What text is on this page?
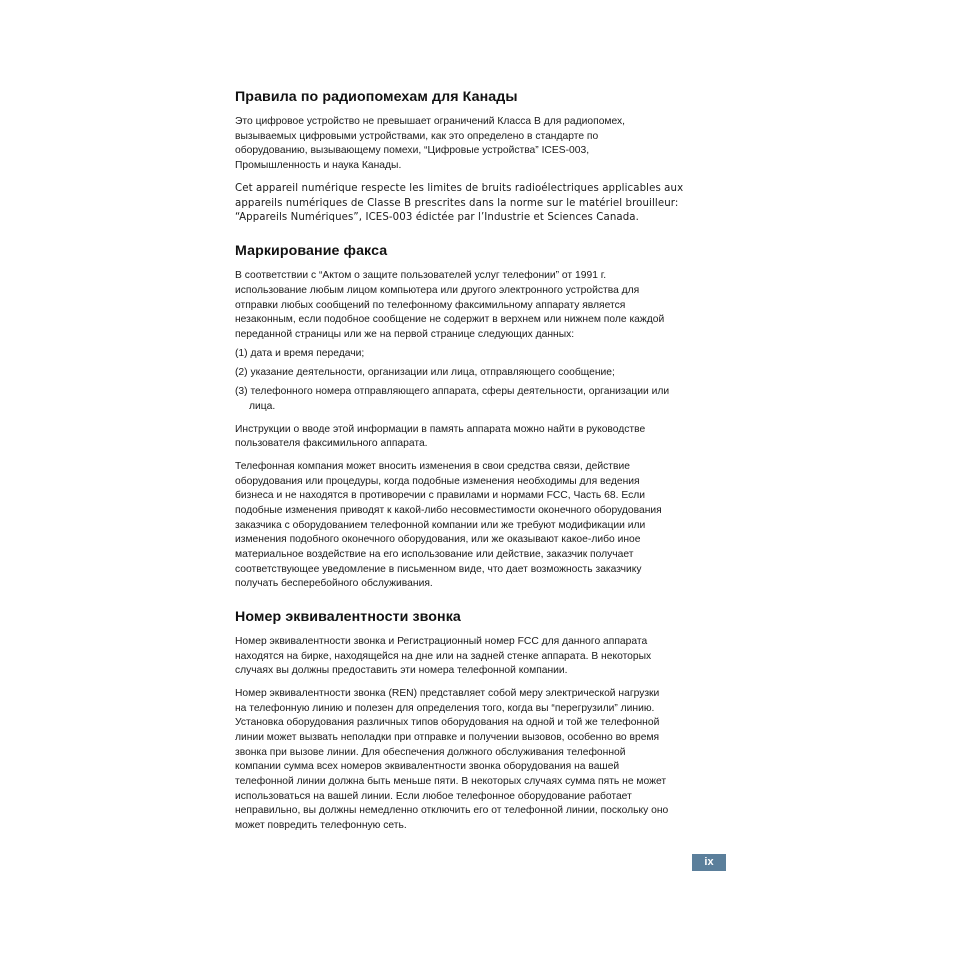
Правила по радиопомехам для Канады

Это цифровое устройство не превышает ограничений Класса B для радиопомех,
вызываемых цифровыми устройствами, как это определено в стандарте по
оборудованию, вызывающему помехи, “Цифровые устройства” ICES-003,
Промышленность и наука Канады.

Cet appareil numérique respecte les limites de bruits radioélectriques applicables aux
appareils numériques de Classe B prescrites dans la norme sur le matériel brouilleur:
“Appareils Numériques”, ICES-003 édictée par l’Industrie et Sciences Canada.

Маркирование факса

В соответствии с “Актом о защите пользователей услуг телефонии” от 1991 г.
использование любым лицом компьютера или другого электронного устройства для
отправки любых сообщений по телефонному факсимильному аппарату является
незаконным, если подобное сообщение не содержит в верхнем или нижнем поле каждой
переданной страницы или же на первой странице следующих данных:

(1) дата и время передачи;

(2) указание деятельности, организации или лица, отправляющего сообщение;

(3) телефонного номера отправляющего аппарата, сферы деятельности, организации или
лица.

Инструкции о вводе этой информации в память аппарата можно найти в руководстве
пользователя факсимильного аппарата.

Телефонная компания может вносить изменения в свои средства связи, действие
оборудования или процедуры, когда подобные изменения необходимы для ведения
бизнеса и не находятся в противоречии с правилами и нормами FCC, Часть 68. Если
подобные изменения приводят к какой-либо несовместимости оконечного оборудования
заказчика с оборудованием телефонной компании или же требуют модификации или
изменения подобного оконечного оборудования, или же оказывают какое-либо иное
материальное воздействие на его использование или действие, заказчик получает
соответствующее уведомление в письменном виде, что дает возможность заказчику
получать бесперебойного обслуживания.

Номер эквивалентности звонка

Номер эквивалентности звонка и Регистрационный номер FCC для данного аппарата
находятся на бирке, находящейся на дне или на задней стенке аппарата. В некоторых
случаях вы должны предоставить эти номера телефонной компании.

Номер эквивалентности звонка (REN) представляет собой меру электрической нагрузки
на телефонную линию и полезен для определения того, когда вы “перегрузили” линию.
Установка оборудования различных типов оборудования на одной и той же телефонной
линии может вызвать неполадки при отправке и получении вызовов, особенно во время
звонка при вызове линии. Для обеспечения должного обслуживания телефонной
компании сумма всех номеров эквивалентности звонка оборудования на вашей
телефонной линии должна быть меньше пяти. В некоторых случаях сумма пять не может
использоваться на вашей линии. Если любое телефонное оборудование работает
неправильно, вы должны немедленно отключить его от телефонной линии, поскольку оно
может повредить телефонную сеть.

ix
